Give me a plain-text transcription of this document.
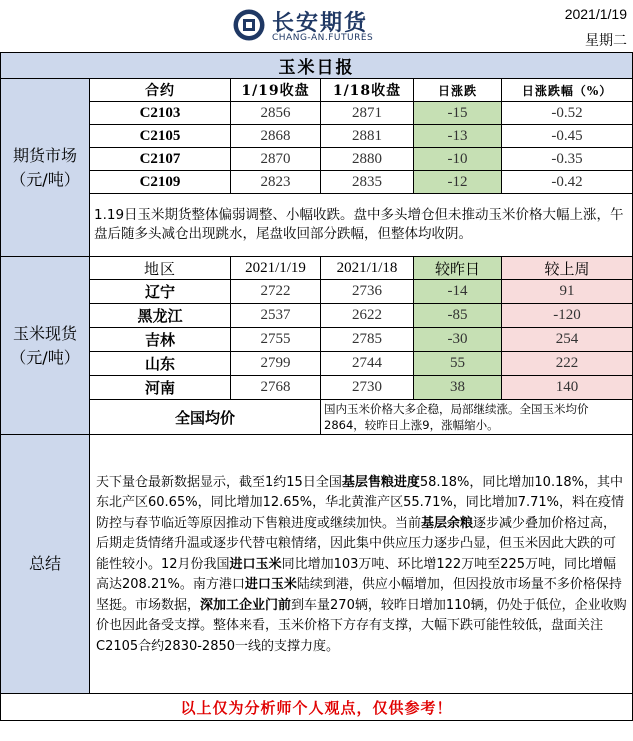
长安期货
CHANG-AN.FUTURES
2021/1/19
星期二
玉米日报					
期货市场
（元/吨）	合约	1/19收盘	1/18收盘	日涨跌	日涨跌幅（%）
	C2103	2856	2871	-15	-0.52
	C2105	2868	2881	-13	-0.45
	C2107	2870	2880	-10	-0.35
	C2109	2823	2835	-12	-0.42
	1.19日玉米期货整体偏弱调整、小幅收跌。盘中多头增仓但未推动玉米价格大幅上涨，午盘后随多头减仓出现跳水，尾盘收回部分跌幅，但整体均收阴。				
玉米现货
（元/吨）	地区	2021/1/19	2021/1/18	较昨日	较上周
	辽宁	2722	2736	-14	91
	黑龙江	2537	2622	-85	-120
	吉林	2755	2785	-30	254
	山东	2799	2744	55	222
	河南	2768	2730	38	140
	全国均价		国内玉米价格大多企稳，局部继续涨。全国玉米均价2864，较昨日上涨9，涨幅缩小。		
总结	天下量仓最新数据显示，截至1约15日全国基层售粮进度58.18%，同比增加10.18%，其中东北产区60.65%，同比增加12.65%，华北黄淮产区55.71%，同比增加7.71%，料在疫情防控与春节临近等原因推动下售粮进度或继续加快。当前基层余粮逐步减少叠加价格过高，后期走货情绪升温或逐步代替屯粮情绪，因此集中供应压力逐步凸显，但玉米因此大跌的可能性较小。12月份我国进口玉米同比增加103万吨、环比增122万吨至225万吨，同比增幅高达208.21%。南方港口进口玉米陆续到港，供应小幅增加，但因投放市场量不多价格保持坚挺。市场数据，深加工企业门前到车量270辆，较昨日增加110辆，仍处于低位，企业收购价也因此备受支撑。整体来看，玉米价格下方存有支撑，大幅下跌可能性较低，盘面关注C2105合约2830-2850一线的支撑力度。				
以上仅为分析师个人观点，仅供参考！					
